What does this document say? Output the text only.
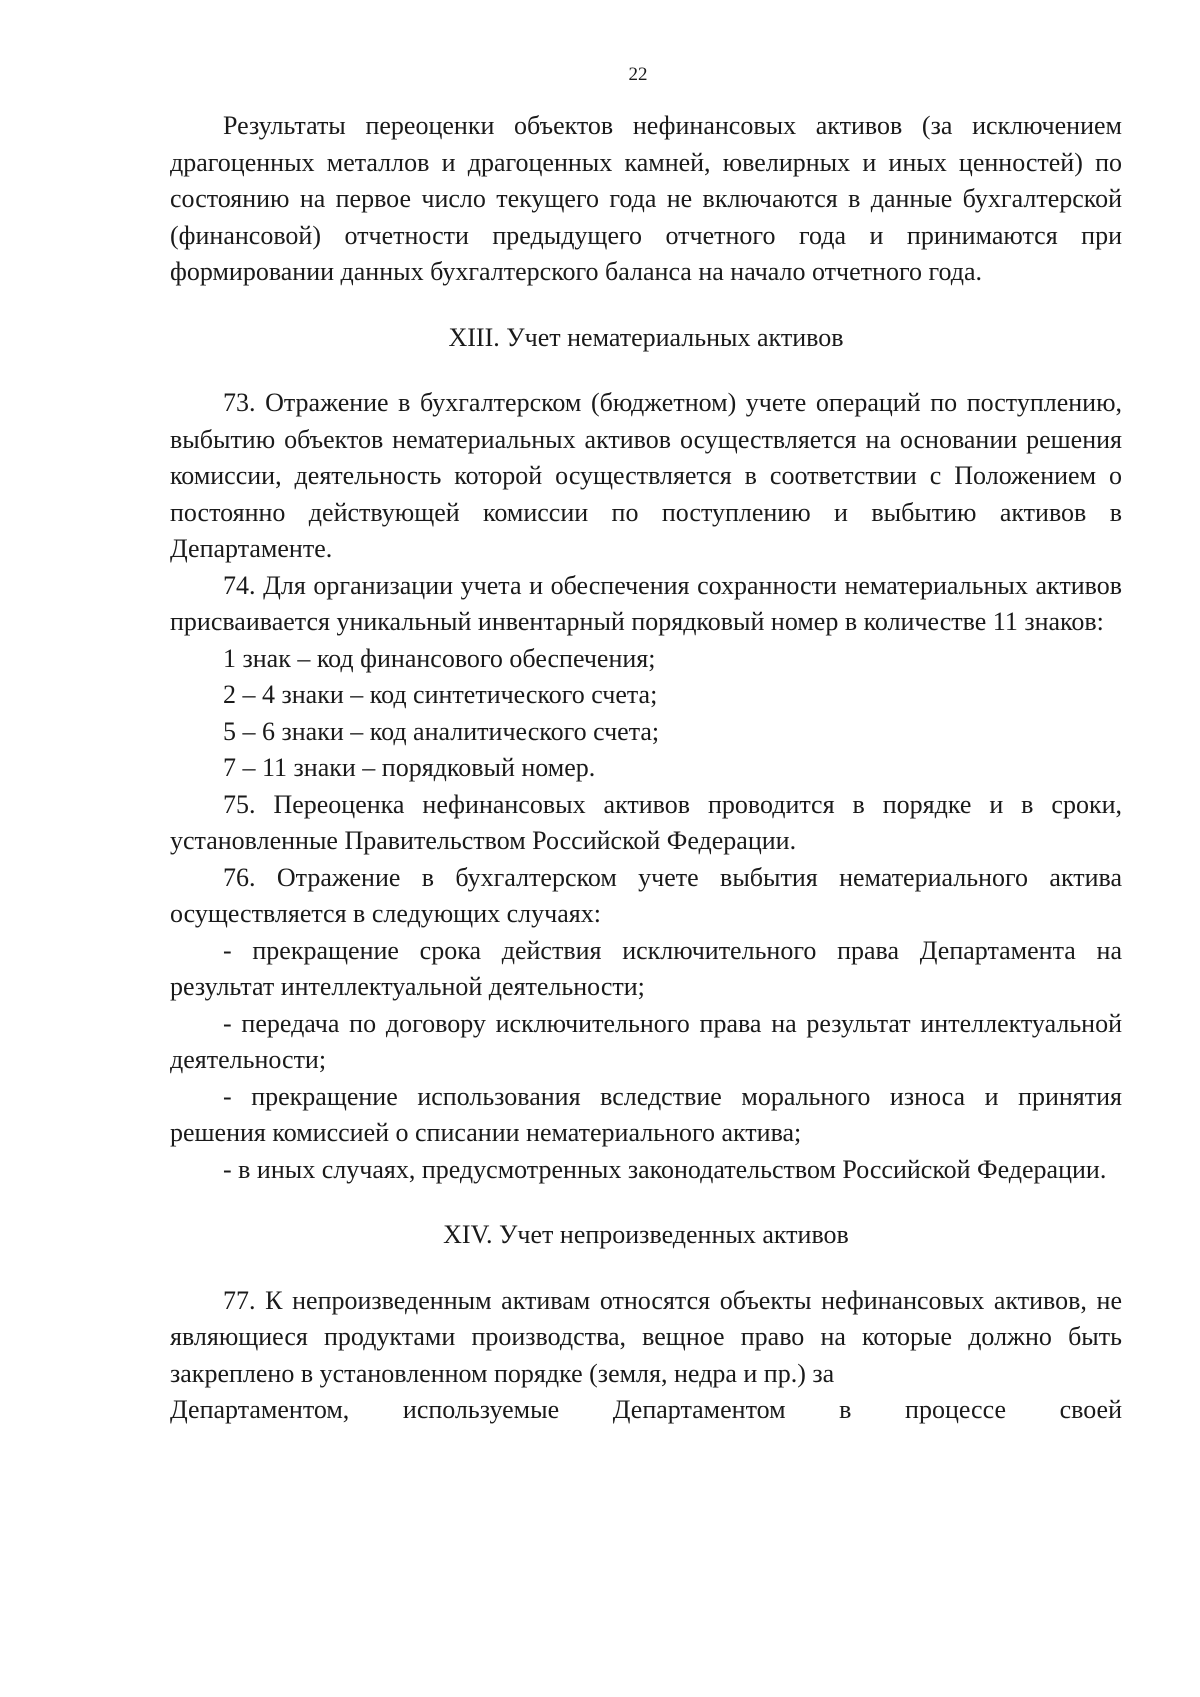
22

Результаты переоценки объектов нефинансовых активов (за исключением драгоценных металлов и драгоценных камней, ювелирных и иных ценностей) по состоянию на первое число текущего года не включаются в данные бухгалтерской (финансовой) отчетности предыдущего отчетного года и принимаются при формировании данных бухгалтерского баланса на начало отчетного года.

XIII. Учет нематериальных активов

73. Отражение в бухгалтерском (бюджетном) учете операций по поступлению, выбытию объектов нематериальных активов осуществляется на основании решения комиссии, деятельность которой осуществляется в соответствии с Положением о постоянно действующей комиссии по поступлению и выбытию активов в Департаменте.

74. Для организации учета и обеспечения сохранности нематериальных активов присваивается уникальный инвентарный порядковый номер в количестве 11 знаков:

1 знак – код финансового обеспечения;

2 – 4 знаки – код синтетического счета;

5 – 6 знаки – код аналитического счета;

7 – 11 знаки – порядковый номер.

75. Переоценка нефинансовых активов проводится в порядке и в сроки, установленные Правительством Российской Федерации.

76. Отражение в бухгалтерском учете выбытия нематериального актива осуществляется в следующих случаях:

- прекращение срока действия исключительного права Департамента на результат интеллектуальной деятельности;

- передача по договору исключительного права на результат интеллектуальной деятельности;

- прекращение использования вследствие морального износа и принятия решения комиссией о списании нематериального актива;

- в иных случаях, предусмотренных законодательством Российской Федерации.

XIV. Учет непроизведенных активов

77. К непроизведенным активам относятся объекты нефинансовых активов, не являющиеся продуктами производства, вещное право на которые должно быть закреплено в установленном порядке (земля, недра и пр.) за

Департаментом, используемые Департаментом в процессе своей
